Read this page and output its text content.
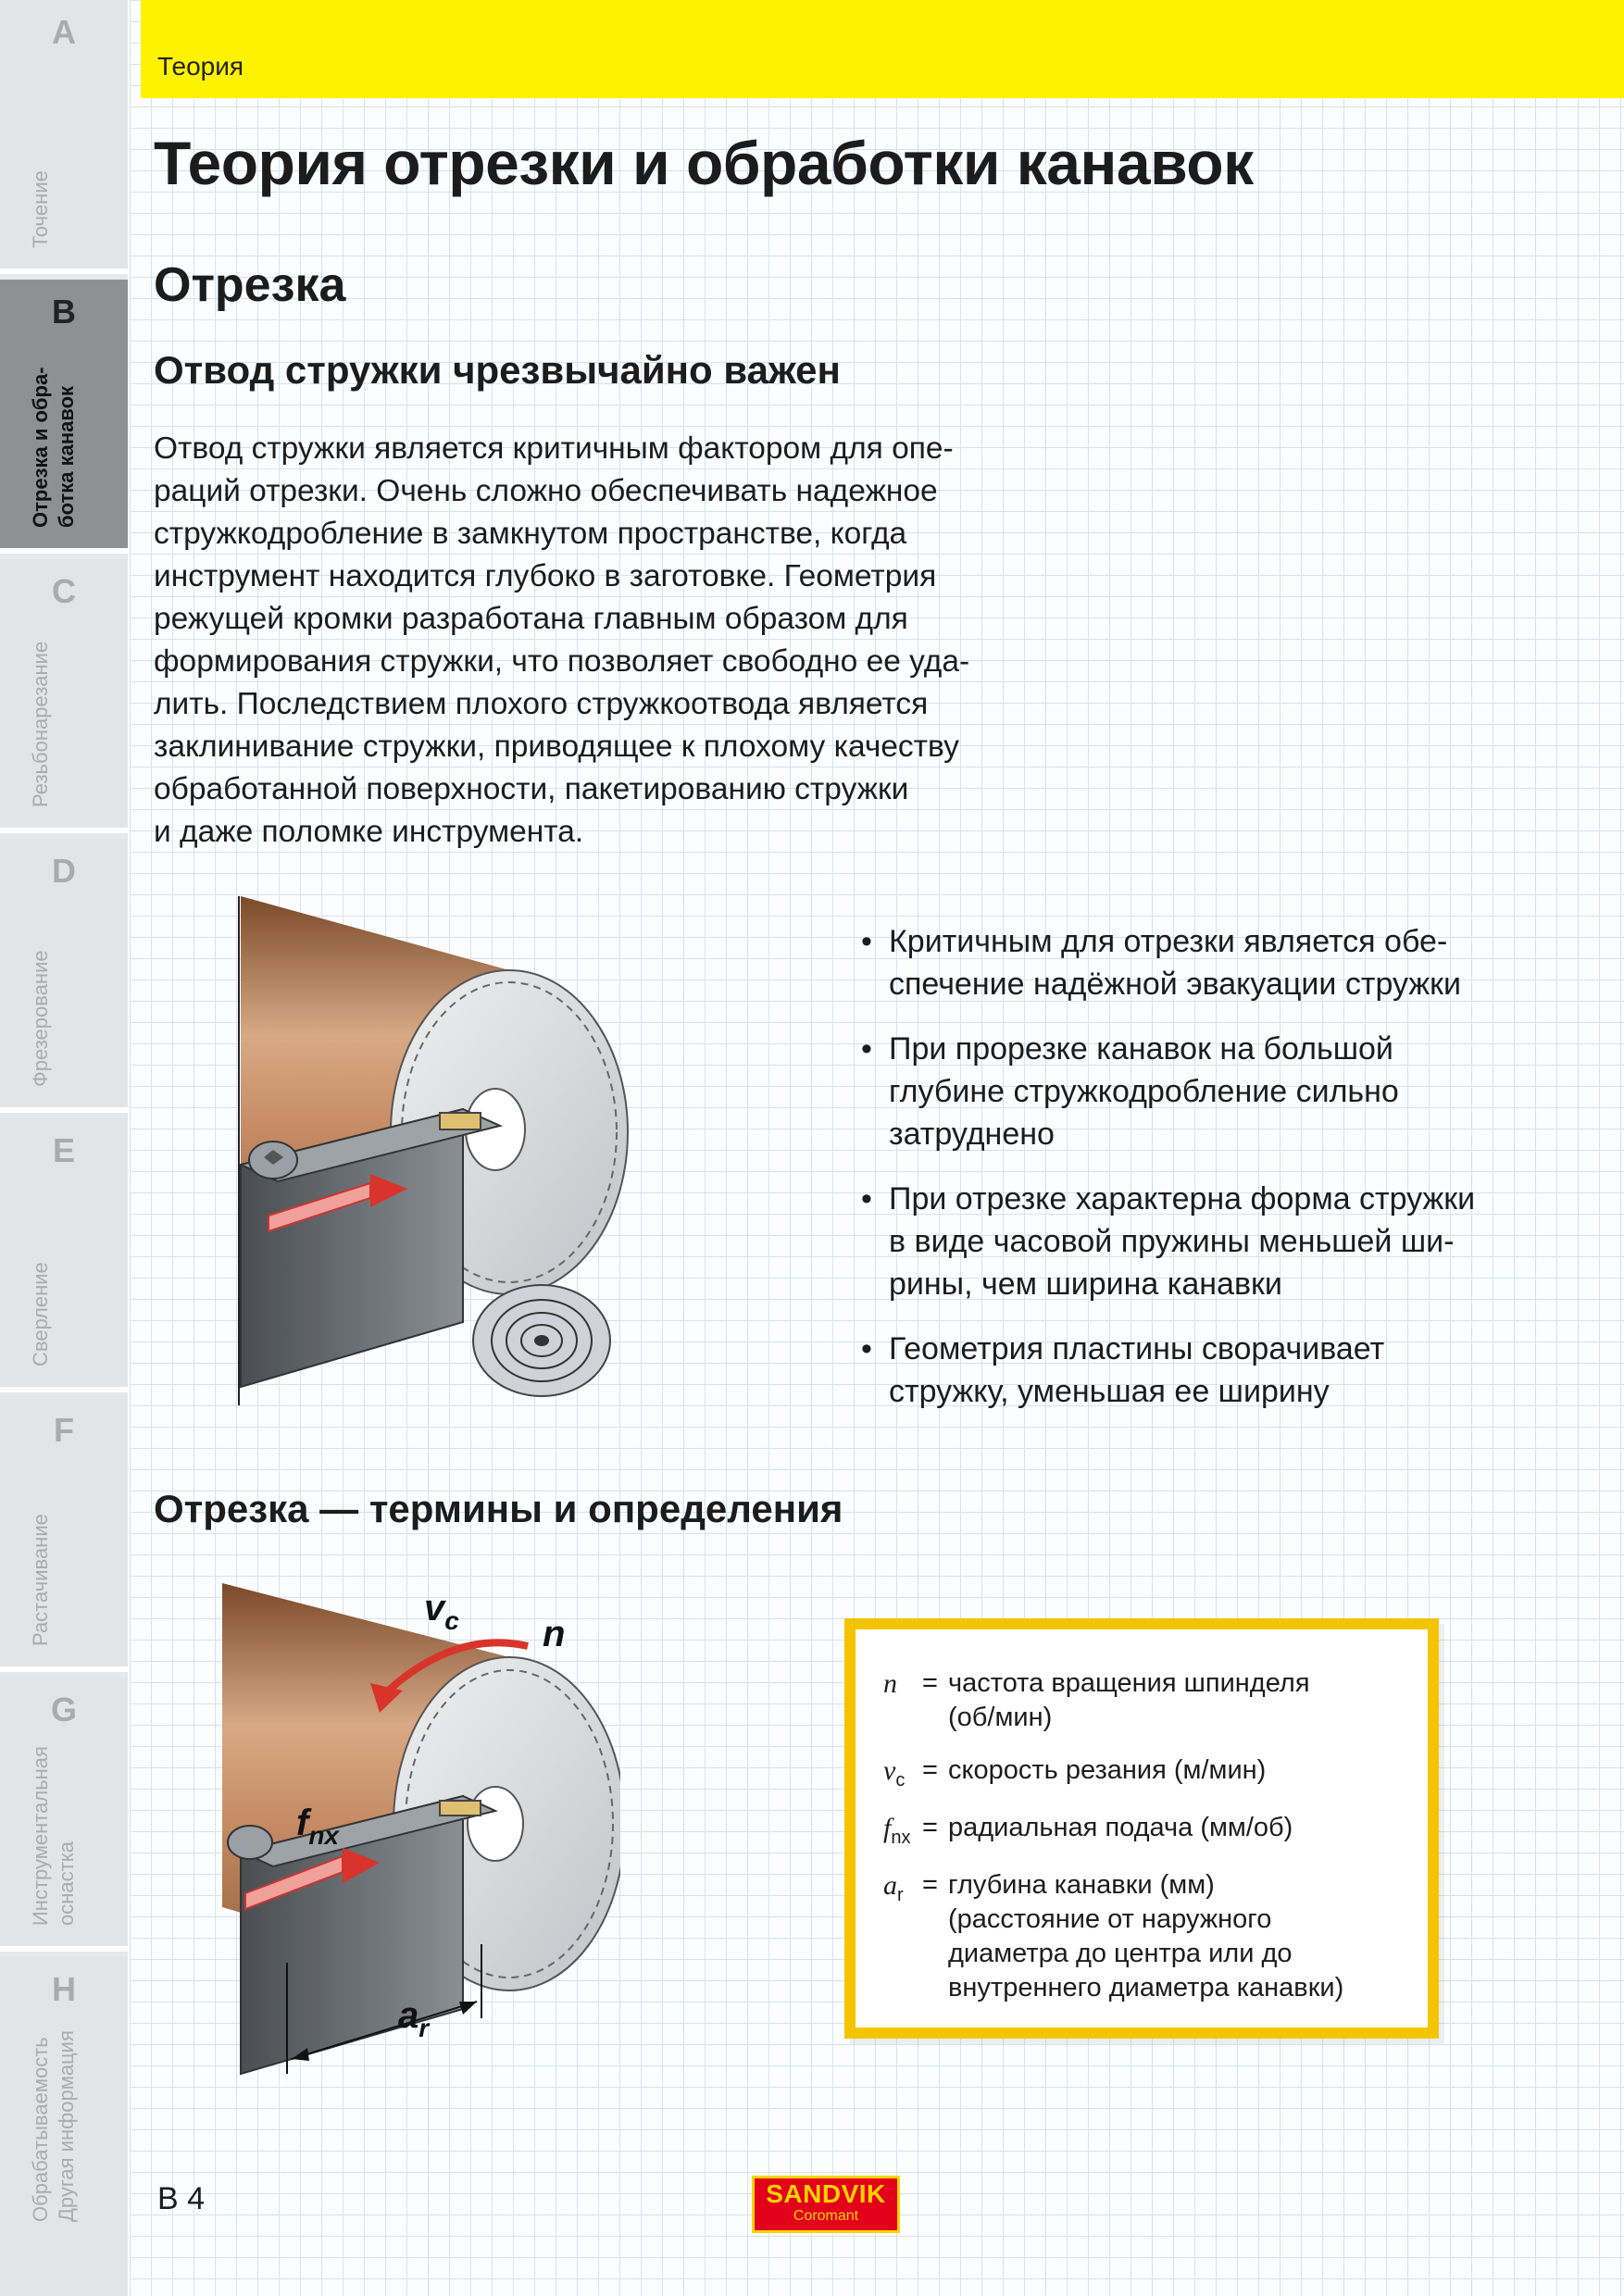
A
Точение
B
Отрезка и обра-
ботка канавок
C
Резьбонарезание
D
Фрезерование
E
Сверление
F
Растачивание
G
Инструментальная
оснастка
H
Обрабатываемость
Другая информация
Теория
Теория отрезки и обработки канавок
Отрезка
Отвод стружки чрезвычайно важен

Отвод стружки является критичным фактором для опе-
раций отрезки. Очень сложно обеспечивать надежное
стружкодробление в замкнутом пространстве, когда
инструмент находится глубоко в заготовке. Геометрия
режущей кромки разработана главным образом для
формирования стружки, что позволяет свободно ее уда-
лить. Последствием плохого стружкоотвода является
заклинивание стружки, приводящее к плохому качеству
обработанной поверхности, пакетированию стружки
и даже поломке инструмента.

• Критичным для отрезки является обе-
спечение надёжной эвакуации стружки
• При прорезке канавок на большой
глубине стружкодробление сильно
затруднено
• При отрезке характерна форма стружки
в виде часовой пружины меньшей ши-
рины, чем ширина канавки
• Геометрия пластины сворачивает
стружку, уменьшая ее ширину
Отрезка — термины и определения
$v_c$ n
$f_{nx}$
$a_r$
n = частота вращения шпинделя
(об/мин)
$v_c$ = скорость резания (м/мин)
$f_{nx}$ = радиальная подача (мм/об)
$a_r$ = глубина канавки (мм)
(расстояние от наружного
диаметра до центра или до
внутреннего диаметра канавки)
B 4	SANDVIK
Coromant
